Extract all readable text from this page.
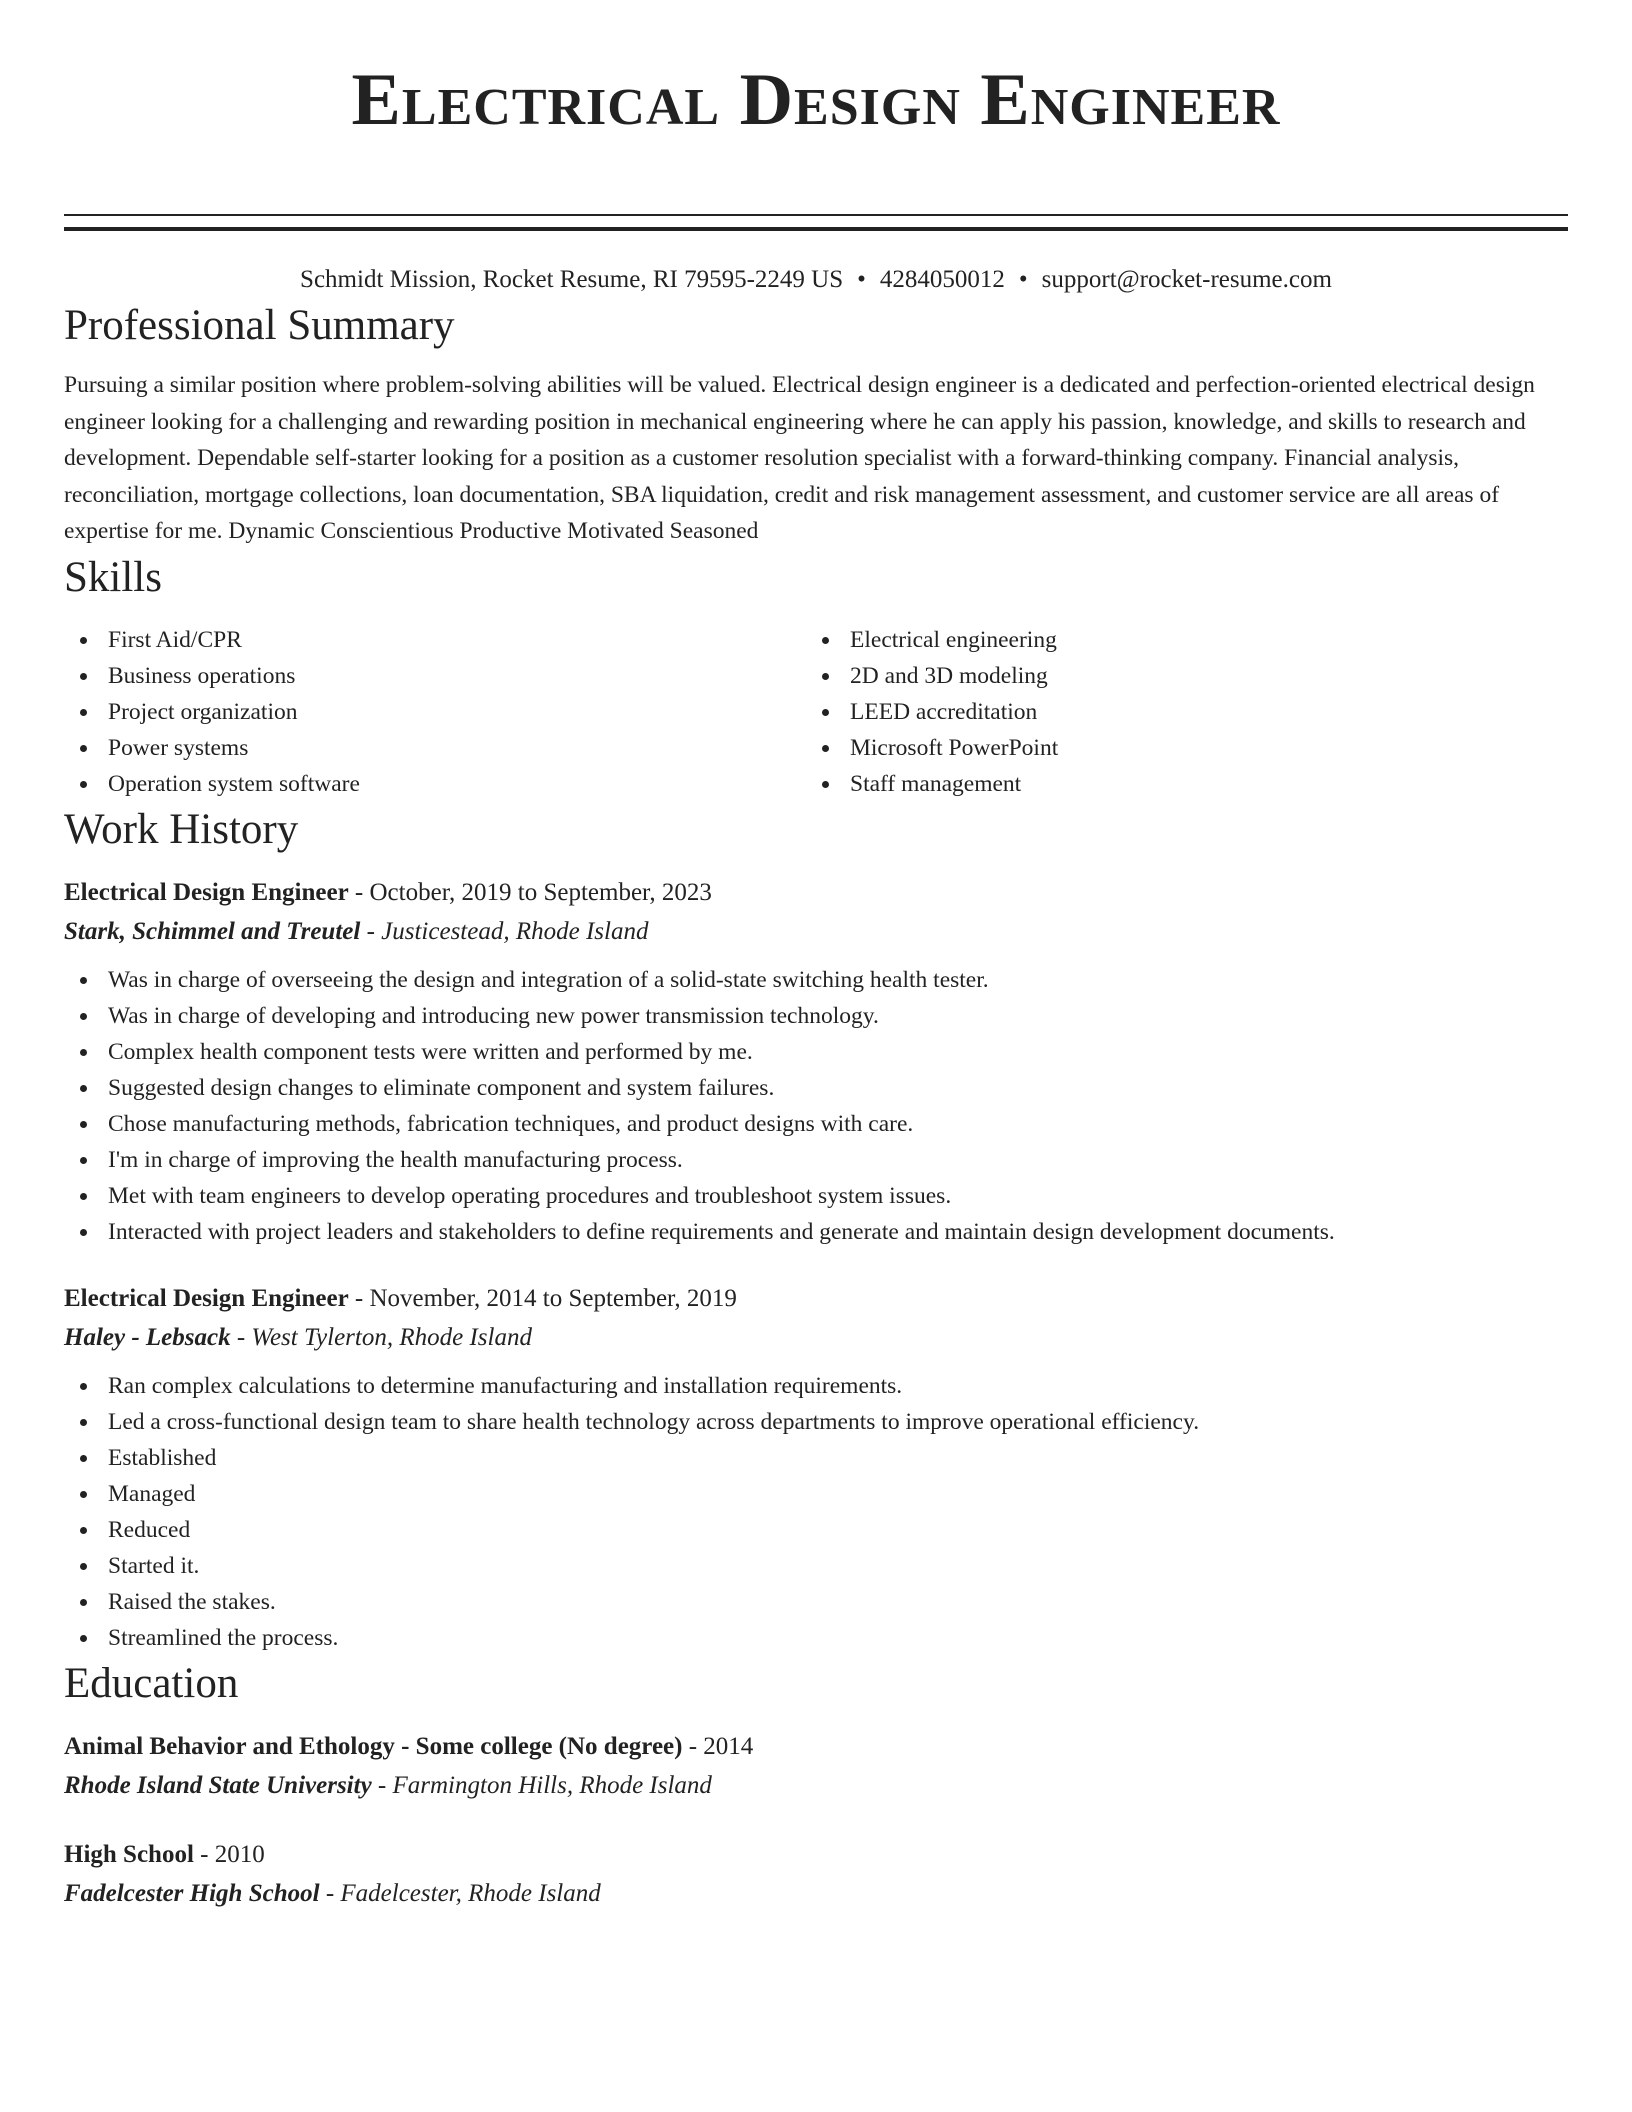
Electrical Design Engineer
Schmidt Mission, Rocket Resume, RI 79595-2249 US • 4284050012 • support@rocket-resume.com
Professional Summary

Pursuing a similar position where problem-solving abilities will be valued. Electrical design engineer is a dedicated and perfection-oriented electrical design engineer looking for a challenging and rewarding position in mechanical engineering where he can apply his passion, knowledge, and skills to research and development. Dependable self-starter looking for a position as a customer resolution specialist with a forward-thinking company. Financial analysis, reconciliation, mortgage collections, loan documentation, SBA liquidation, credit and risk management assessment, and customer service are all areas of expertise for me. Dynamic Conscientious Productive Motivated Seasoned

Skills
First Aid/CPR
Business operations
Project organization
Power systems
Operation system software
Electrical engineering
2D and 3D modeling
LEED accreditation
Microsoft PowerPoint
Staff management
Work History
Electrical Design Engineer - October, 2019 to September, 2023
Stark, Schimmel and Treutel - Justicestead, Rhode Island
Was in charge of overseeing the design and integration of a solid-state switching health tester.
Was in charge of developing and introducing new power transmission technology.
Complex health component tests were written and performed by me.
Suggested design changes to eliminate component and system failures.
Chose manufacturing methods, fabrication techniques, and product designs with care.
I'm in charge of improving the health manufacturing process.
Met with team engineers to develop operating procedures and troubleshoot system issues.
Interacted with project leaders and stakeholders to define requirements and generate and maintain design development documents.
Electrical Design Engineer - November, 2014 to September, 2019
Haley - Lebsack - West Tylerton, Rhode Island
Ran complex calculations to determine manufacturing and installation requirements.
Led a cross-functional design team to share health technology across departments to improve operational efficiency.
Established
Managed
Reduced
Started it.
Raised the stakes.
Streamlined the process.
Education
Animal Behavior and Ethology - Some college (No degree) - 2014
Rhode Island State University - Farmington Hills, Rhode Island
High School - 2010
Fadelcester High School - Fadelcester, Rhode Island
